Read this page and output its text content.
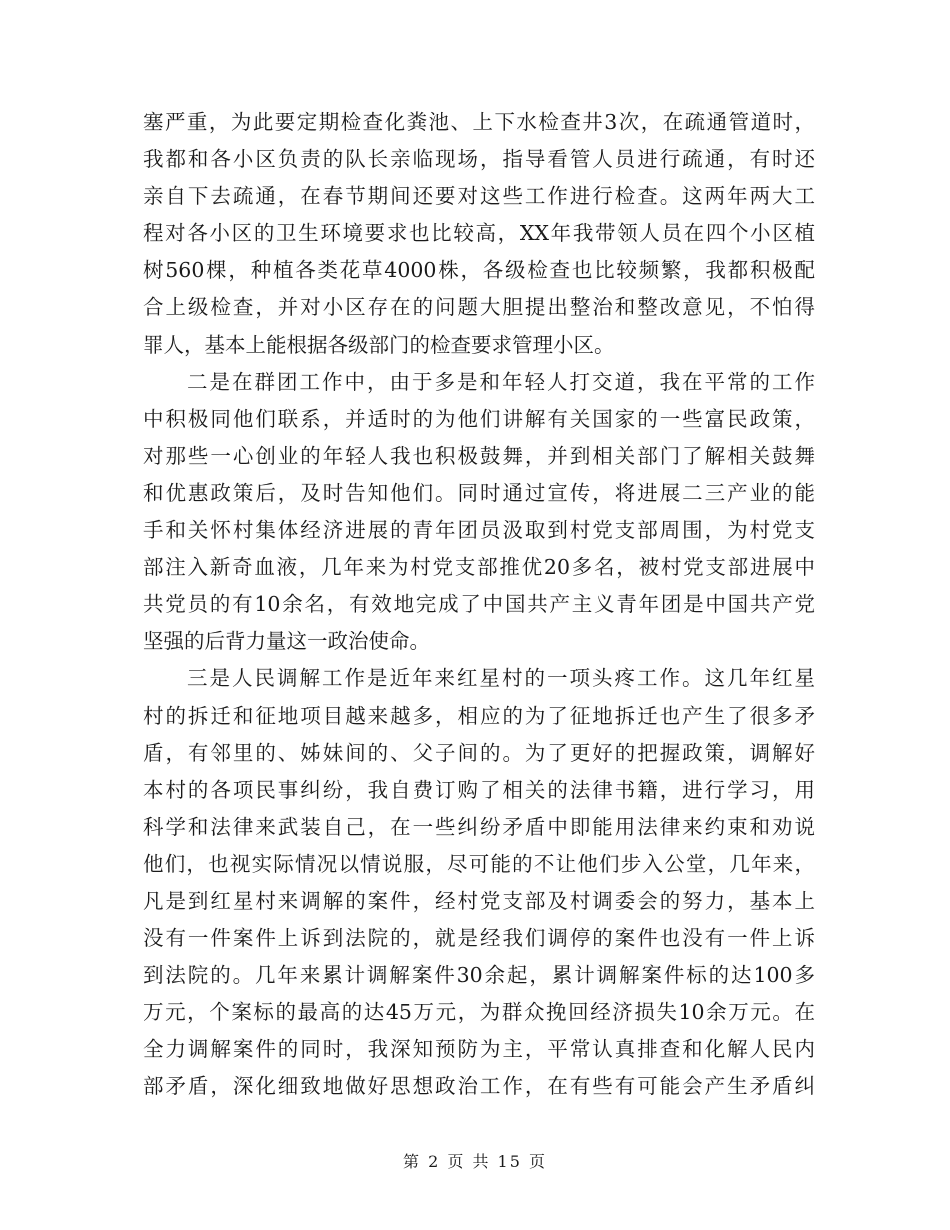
塞严重，为此要定期检查化粪池、上下水检查井3次，在疏通管道时，
我都和各小区负责的队长亲临现场，指导看管人员进行疏通，有时还
亲自下去疏通，在春节期间还要对这些工作进行检查。这两年两大工
程对各小区的卫生环境要求也比较高，XX年我带领人员在四个小区植
树560棵，种植各类花草4000株，各级检查也比较频繁，我都积极配
合上级检查，并对小区存在的问题大胆提出整治和整改意见，不怕得
罪人，基本上能根据各级部门的检查要求管理小区。
二是在群团工作中，由于多是和年轻人打交道，我在平常的工作
中积极同他们联系，并适时的为他们讲解有关国家的一些富民政策，
对那些一心创业的年轻人我也积极鼓舞，并到相关部门了解相关鼓舞
和优惠政策后，及时告知他们。同时通过宣传，将进展二三产业的能
手和关怀村集体经济进展的青年团员汲取到村党支部周围，为村党支
部注入新奇血液，几年来为村党支部推优20多名，被村党支部进展中
共党员的有10余名，有效地完成了中国共产主义青年团是中国共产党
坚强的后背力量这一政治使命。
三是人民调解工作是近年来红星村的一项头疼工作。这几年红星
村的拆迁和征地项目越来越多，相应的为了征地拆迁也产生了很多矛
盾，有邻里的、姊妹间的、父子间的。为了更好的把握政策，调解好
本村的各项民事纠纷，我自费订购了相关的法律书籍，进行学习，用
科学和法律来武装自己，在一些纠纷矛盾中即能用法律来约束和劝说
他们，也视实际情况以情说服，尽可能的不让他们步入公堂，几年来，
凡是到红星村来调解的案件，经村党支部及村调委会的努力，基本上
没有一件案件上诉到法院的，就是经我们调停的案件也没有一件上诉
到法院的。几年来累计调解案件30余起，累计调解案件标的达100多
万元，个案标的最高的达45万元，为群众挽回经济损失10余万元。在
全力调解案件的同时，我深知预防为主，平常认真排查和化解人民内
部矛盾，深化细致地做好思想政治工作，在有些有可能会产生矛盾纠
第 2 页 共 15 页
